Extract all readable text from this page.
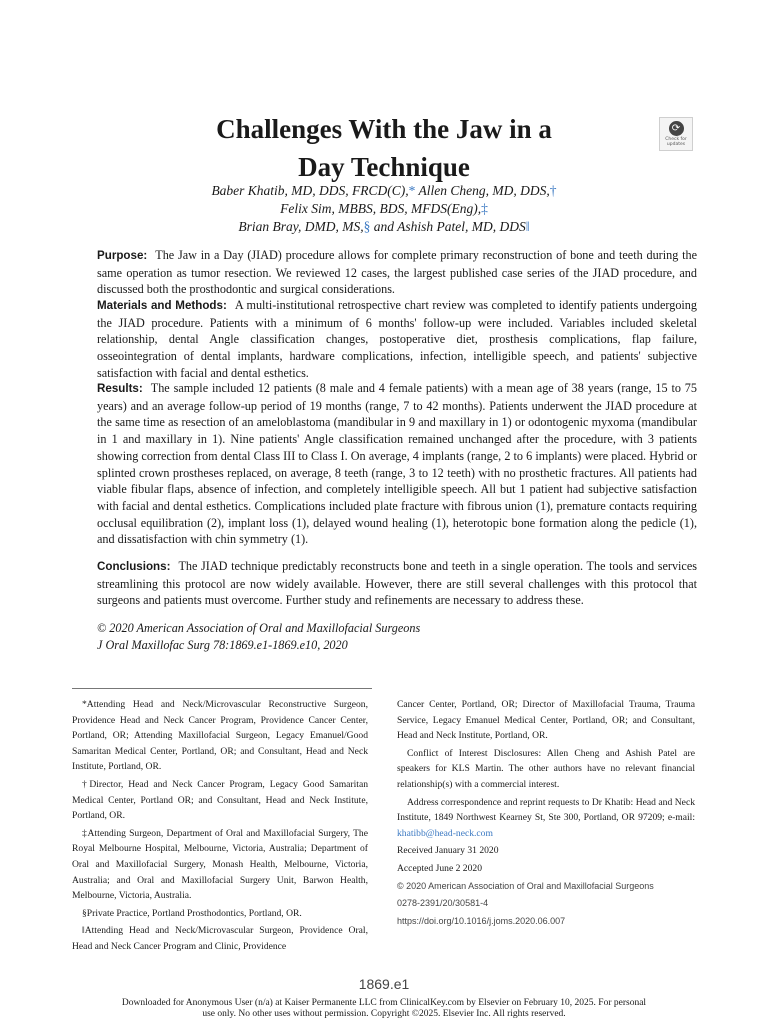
Challenges With the Jaw in a
Day Technique
⟳
Check for updates
Baber Khatib, MD, DDS, FRCD(C),* Allen Cheng, MD, DDS,†
Felix Sim, MBBS, BDS, MFDS(Eng),‡
Brian Bray, DMD, MS,§ and Ashish Patel, MD, DDS‖
Purpose: The Jaw in a Day (JIAD) procedure allows for complete primary reconstruction of bone and teeth during the same operation as tumor resection. We reviewed 12 cases, the largest published case series of the JIAD procedure, and discussed both the prosthodontic and surgical considerations.
Materials and Methods: A multi-institutional retrospective chart review was completed to identify patients undergoing the JIAD procedure. Patients with a minimum of 6 months' follow-up were included. Variables included skeletal relationship, dental Angle classification changes, postoperative diet, prosthesis complications, flap failure, osseointegration of dental implants, hardware complications, infection, intelligible speech, and patients' subjective satisfaction with facial and dental esthetics.
Results: The sample included 12 patients (8 male and 4 female patients) with a mean age of 38 years (range, 15 to 75 years) and an average follow-up period of 19 months (range, 7 to 42 months). Patients underwent the JIAD procedure at the same time as resection of an ameloblastoma (mandibular in 9 and maxillary in 1) or odontogenic myxoma (mandibular in 1 and maxillary in 1). Nine patients' Angle classification remained unchanged after the procedure, with 3 patients showing correction from dental Class III to Class I. On average, 4 implants (range, 2 to 6 implants) were placed. Hybrid or splinted crown prostheses replaced, on average, 8 teeth (range, 3 to 12 teeth) with no prosthetic fractures. All patients had viable fibular flaps, absence of infection, and completely intelligible speech. All but 1 patient had subjective satisfaction with facial and dental esthetics. Complications included plate fracture with fibrous union (1), premature contacts requiring occlusal equilibration (2), implant loss (1), delayed wound healing (1), heterotopic bone formation along the pedicle (1), and dissatisfaction with chin symmetry (1).
Conclusions: The JIAD technique predictably reconstructs bone and teeth in a single operation. The tools and services streamlining this protocol are now widely available. However, there are still several challenges with this protocol that surgeons and patients must overcome. Further study and refinements are necessary to address these.
© 2020 American Association of Oral and Maxillofacial Surgeons
J Oral Maxillofac Surg 78:1869.e1-1869.e10, 2020

*Attending Head and Neck/Microvascular Reconstructive Surgeon, Providence Head and Neck Cancer Program, Providence Cancer Center, Portland, OR; Attending Maxillofacial Surgeon, Legacy Emanuel/Good Samaritan Medical Center, Portland, OR; and Consultant, Head and Neck Institute, Portland, OR.

†Director, Head and Neck Cancer Program, Legacy Good Samaritan Medical Center, Portland OR; and Consultant, Head and Neck Institute, Portland, OR.

‡Attending Surgeon, Department of Oral and Maxillofacial Surgery, The Royal Melbourne Hospital, Melbourne, Victoria, Australia; Department of Oral and Maxillofacial Surgery, Monash Health, Melbourne, Victoria, Australia; and Oral and Maxillofacial Surgery Unit, Barwon Health, Melbourne, Victoria, Australia.

§Private Practice, Portland Prosthodontics, Portland, OR.

‖Attending Head and Neck/Microvascular Surgeon, Providence Oral, Head and Neck Cancer Program and Clinic, Providence

Cancer Center, Portland, OR; Director of Maxillofacial Trauma, Trauma Service, Legacy Emanuel Medical Center, Portland, OR; and Consultant, Head and Neck Institute, Portland, OR.

Conflict of Interest Disclosures: Allen Cheng and Ashish Patel are speakers for KLS Martin. The other authors have no relevant financial relationship(s) with a commercial interest.

Address correspondence and reprint requests to Dr Khatib: Head and Neck Institute, 1849 Northwest Kearney St, Ste 300, Portland, OR 97209; e-mail: khatibb@head-neck.com

Received January 31 2020

Accepted June 2 2020

© 2020 American Association of Oral and Maxillofacial Surgeons

0278-2391/20/30581-4

https://doi.org/10.1016/j.joms.2020.06.007

1869.e1
Downloaded for Anonymous User (n/a) at Kaiser Permanente LLC from ClinicalKey.com by Elsevier on February 10, 2025. For personal use only. No other uses without permission. Copyright ©2025. Elsevier Inc. All rights reserved.
